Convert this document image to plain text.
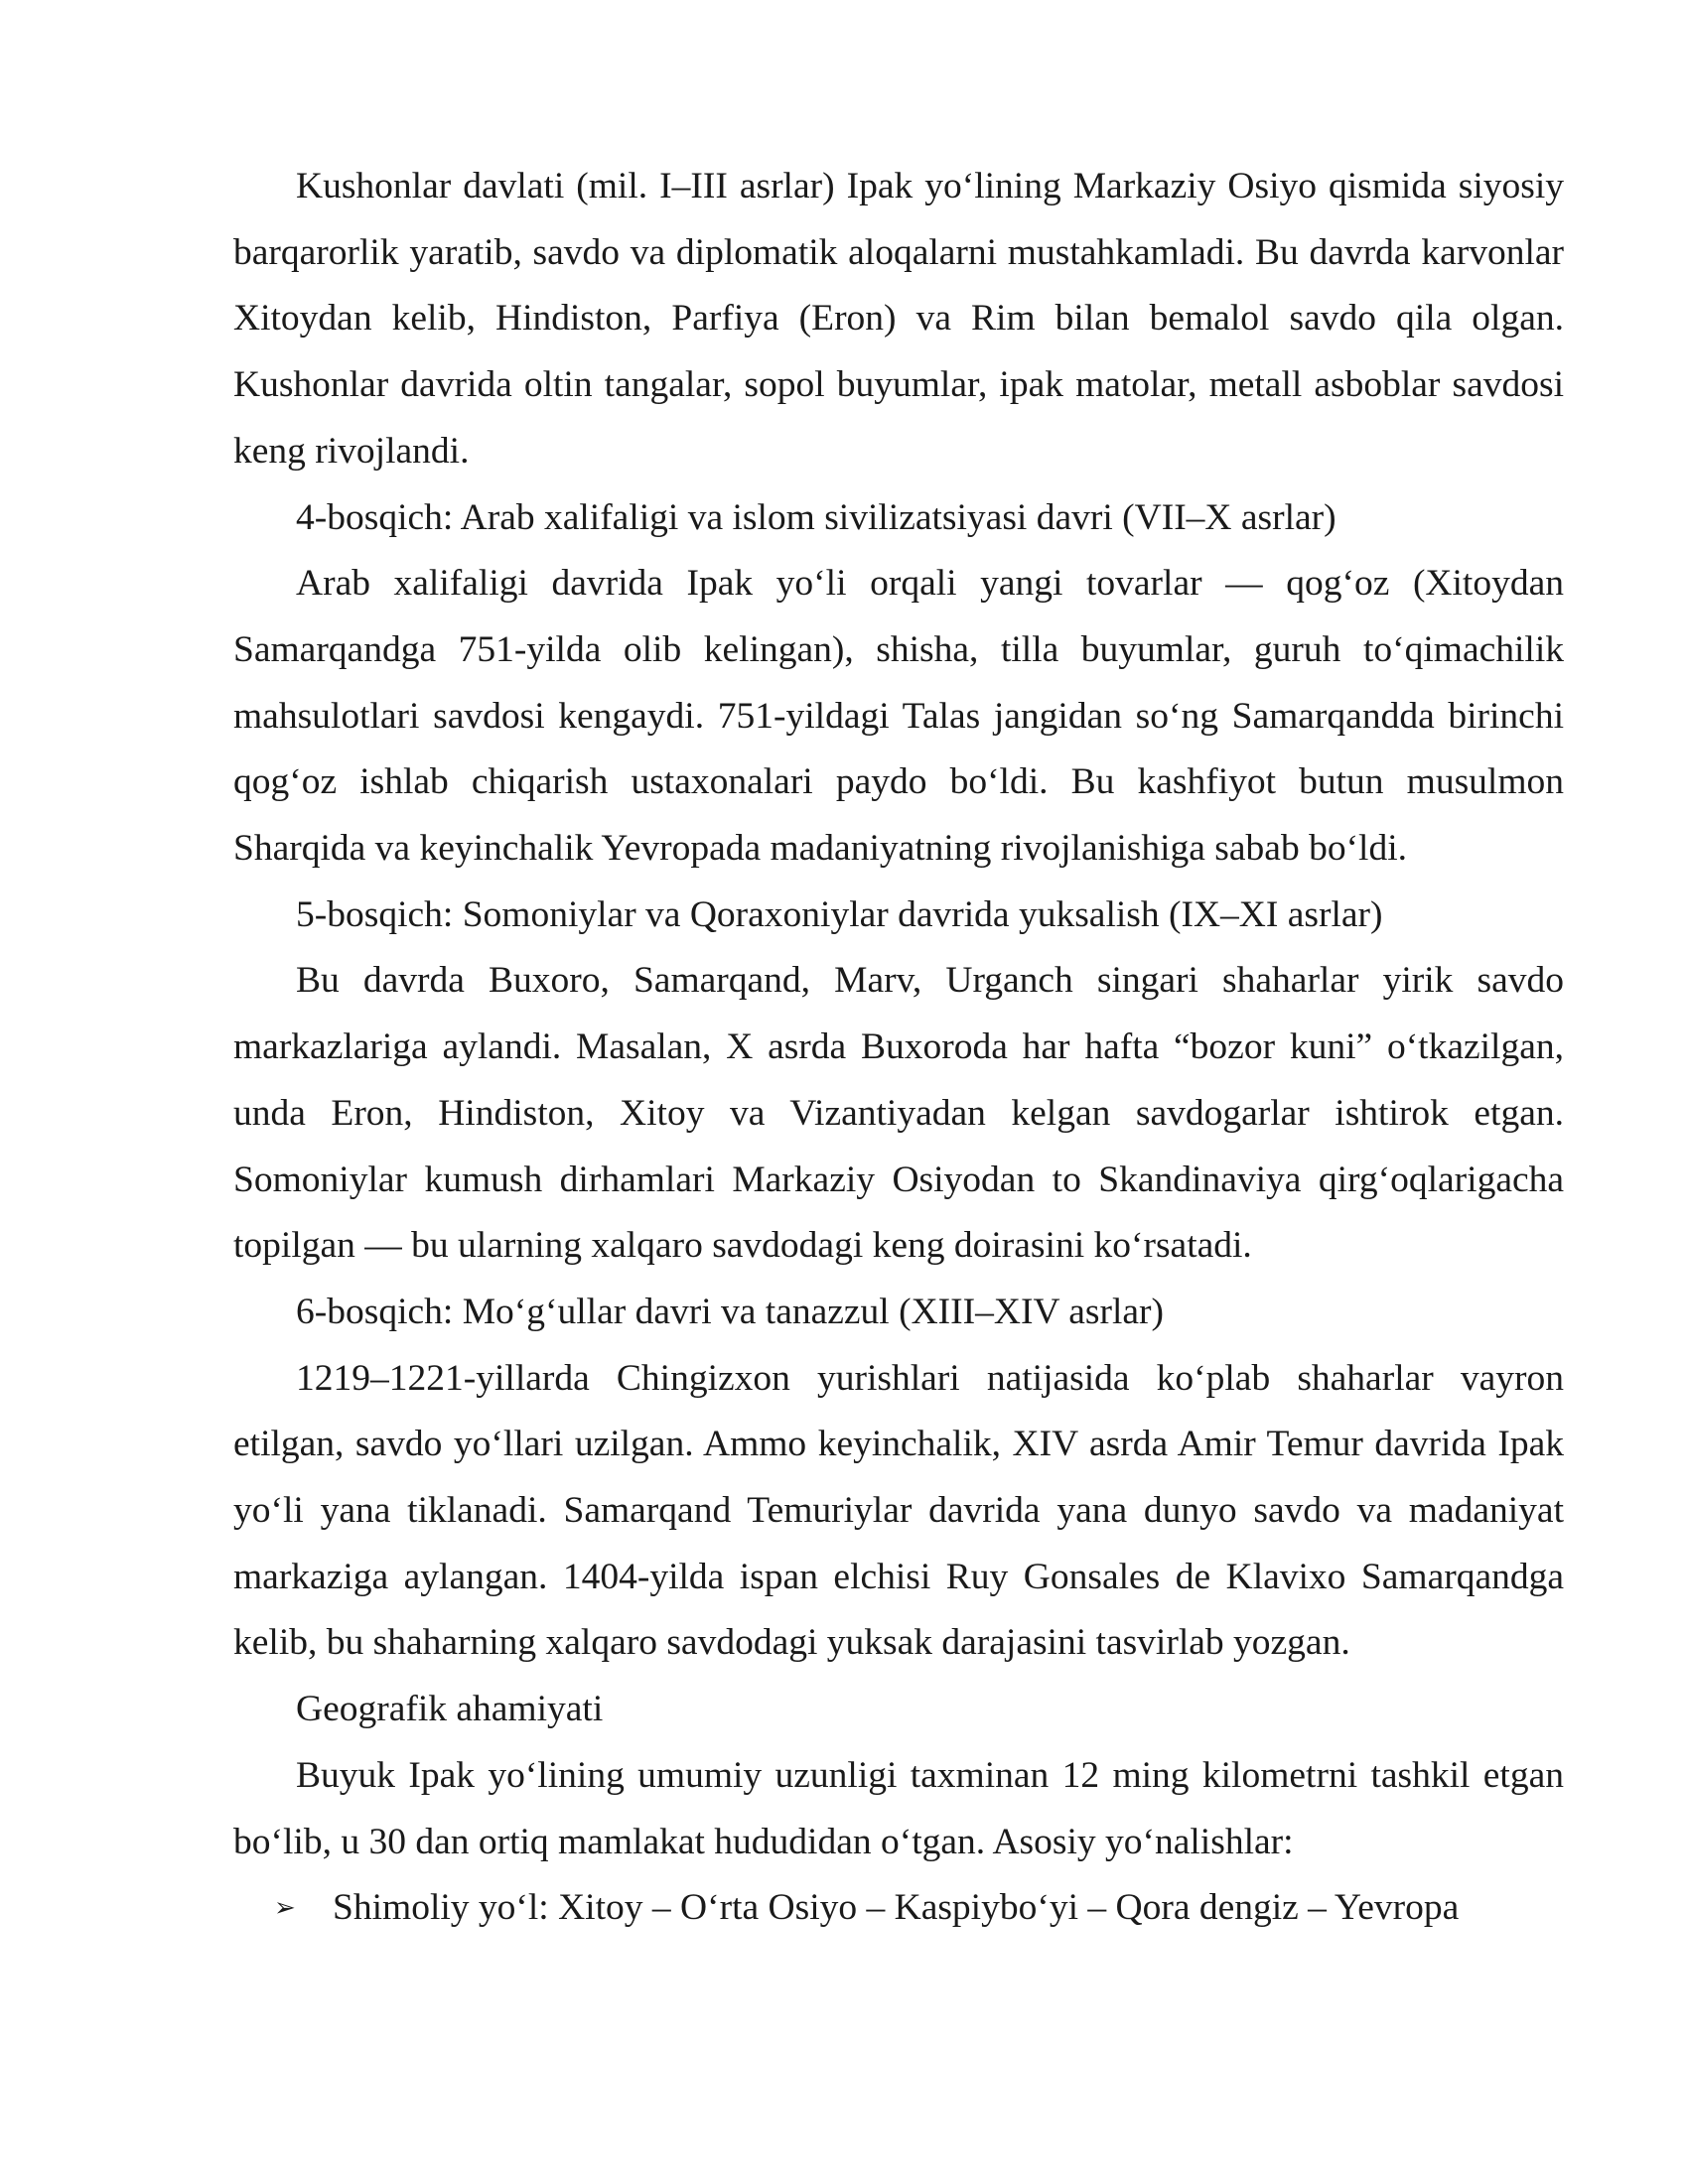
Kushonlar davlati (mil. I–III asrlar) Ipak yo‘lining Markaziy Osiyo qismida siyosiy barqarorlik yaratib, savdo va diplomatik aloqalarni mustahkamladi. Bu davrda karvonlar Xitoydan kelib, Hindiston, Parfiya (Eron) va Rim bilan bemalol savdo qila olgan. Kushonlar davrida oltin tangalar, sopol buyumlar, ipak matolar, metall asboblar savdosi keng rivojlandi.

4-bosqich: Arab xalifaligi va islom sivilizatsiyasi davri (VII–X asrlar)

Arab xalifaligi davrida Ipak yo‘li orqali yangi tovarlar — qog‘oz (Xitoydan Samarqandga 751-yilda olib kelingan), shisha, tilla buyumlar, guruh to‘qimachilik mahsulotlari savdosi kengaydi. 751-yildagi Talas jangidan so‘ng Samarqandda birinchi qog‘oz ishlab chiqarish ustaxonalari paydo bo‘ldi. Bu kashfiyot butun musulmon Sharqida va keyinchalik Yevropada madaniyatning rivojlanishiga sabab bo‘ldi.

5-bosqich: Somoniylar va Qoraxoniylar davrida yuksalish (IX–XI asrlar)

Bu davrda Buxoro, Samarqand, Marv, Urganch singari shaharlar yirik savdo markazlariga aylandi. Masalan, X asrda Buxoroda har hafta “bozor kuni” o‘tkazilgan, unda Eron, Hindiston, Xitoy va Vizantiyadan kelgan savdogarlar ishtirok etgan. Somoniylar kumush dirhamlari Markaziy Osiyodan to Skandinaviya qirg‘oqlarigacha topilgan — bu ularning xalqaro savdodagi keng doirasini ko‘rsatadi.

6-bosqich: Mo‘g‘ullar davri va tanazzul (XIII–XIV asrlar)

1219–1221-yillarda Chingizxon yurishlari natijasida ko‘plab shaharlar vayron etilgan, savdo yo‘llari uzilgan. Ammo keyinchalik, XIV asrda Amir Temur davrida Ipak yo‘li yana tiklanadi. Samarqand Temuriylar davrida yana dunyo savdo va madaniyat markaziga aylangan. 1404-yilda ispan elchisi Ruy Gonsales de Klavixo Samarqandga kelib, bu shaharning xalqaro savdodagi yuksak darajasini tasvirlab yozgan.

Geografik ahamiyati

Buyuk Ipak yo‘lining umumiy uzunligi taxminan 12 ming kilometrni tashkil etgan bo‘lib, u 30 dan ortiq mamlakat hududidan o‘tgan. Asosiy yo‘nalishlar:

➢ Shimoliy yo‘l: Xitoy – O‘rta Osiyo – Kaspiybo‘yi – Qora dengiz – Yevropa
